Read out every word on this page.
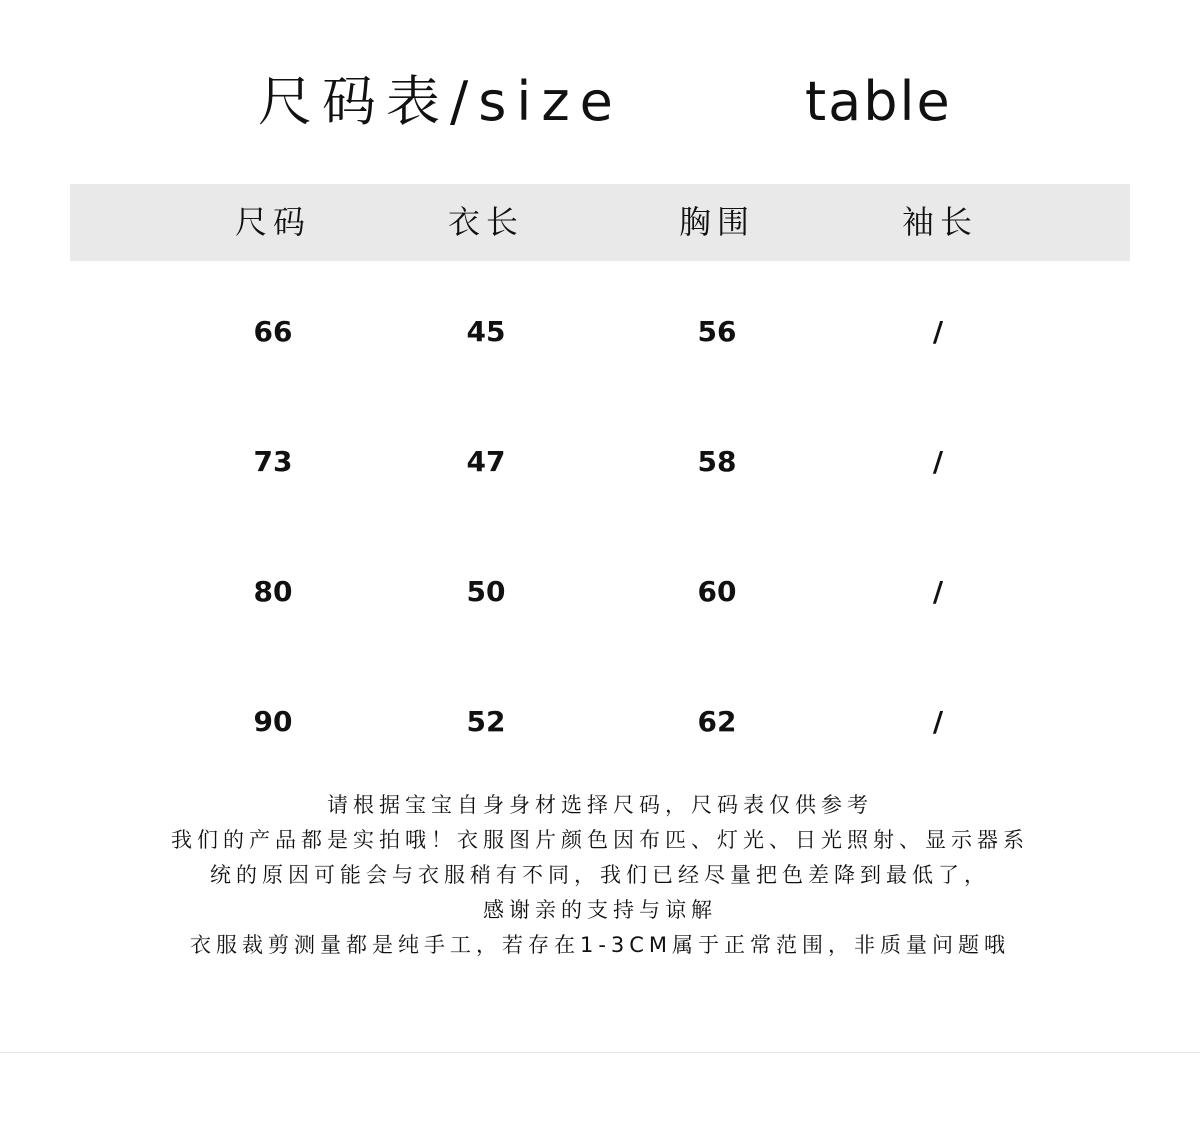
尺码表/size	table
尺码	衣长	胸围	袖长
66	45	56	/
73	47	58	/
80	50	60	/
90	52	62	/
请根据宝宝自身身材选择尺码，尺码表仅供参考
我们的产品都是实拍哦！衣服图片颜色因布匹、灯光、日光照射、显示器系
统的原因可能会与衣服稍有不同，我们已经尽量把色差降到最低了，
感谢亲的支持与谅解
衣服裁剪测量都是纯手工，若存在1-3CM属于正常范围，非质量问题哦
